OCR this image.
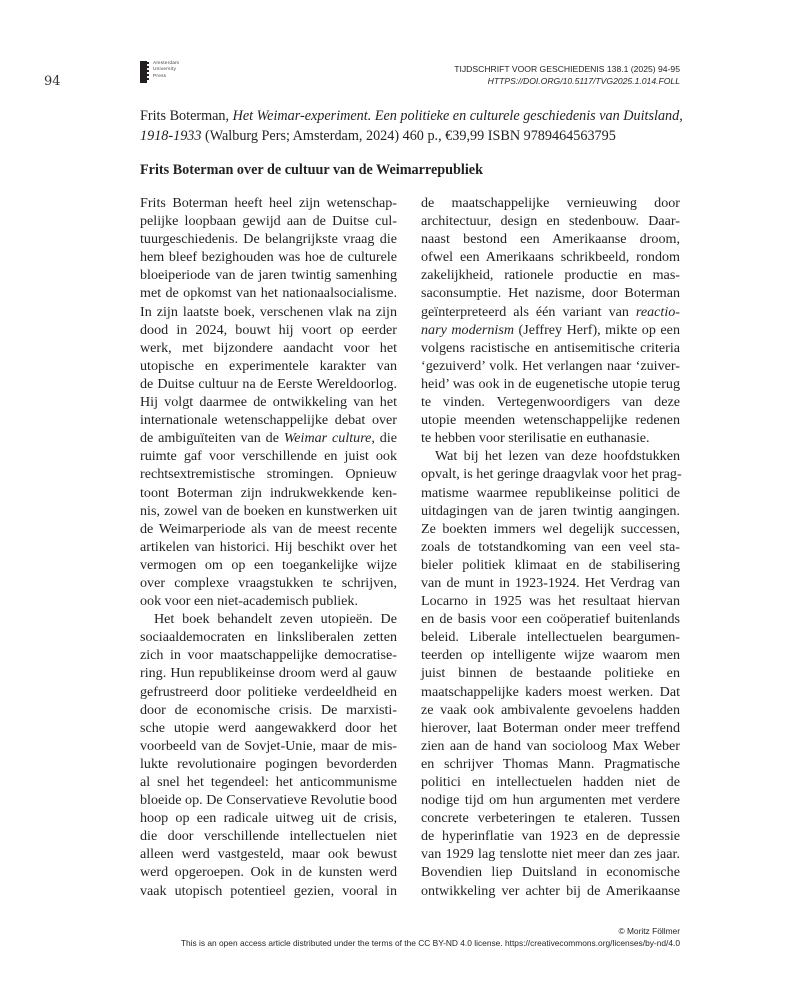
94
Amsterdam
University
Press
TIJDSCHRIFT VOOR GESCHIEDENIS 138.1 (2025) 94-95
HTTPS://DOI.ORG/10.5117/TVG2025.1.014.FOLL
Frits Boterman, Het Weimar-experiment. Een politieke en culturele geschiedenis van Duitsland, 1918-1933 (Walburg Pers; Amsterdam, 2024) 460 p., €39,99 ISBN 9789464563795
Frits Boterman over de cultuur van de Weimarrepubliek
Frits Boterman heeft heel zijn wetenschap-
pelijke loopbaan gewijd aan de Duitse cul-
tuurgeschiedenis. De belangrijkste vraag die
hem bleef bezighouden was hoe de culturele
bloeiperiode van de jaren twintig samenhing
met de opkomst van het nationaalsocialisme.
In zijn laatste boek, verschenen vlak na zijn
dood in 2024, bouwt hij voort op eerder
werk, met bijzondere aandacht voor het
utopische en experimentele karakter van
de Duitse cultuur na de Eerste Wereldoorlog.
Hij volgt daarmee de ontwikkeling van het
internationale wetenschappelijke debat over
de ambiguïteiten van de Weimar culture, die
ruimte gaf voor verschillende en juist ook
rechtsextremistische stromingen. Opnieuw
toont Boterman zijn indrukwekkende ken-
nis, zowel van de boeken en kunstwerken uit
de Weimarperiode als van de meest recente
artikelen van historici. Hij beschikt over het
vermogen om op een toegankelijke wijze
over complexe vraagstukken te schrijven,
ook voor een niet-academisch publiek.
Het boek behandelt zeven utopieën. De
sociaaldemocraten en linksliberalen zetten
zich in voor maatschappelijke democratise-
ring. Hun republikeinse droom werd al gauw
gefrustreerd door politieke verdeeldheid en
door de economische crisis. De marxisti-
sche utopie werd aangewakkerd door het
voorbeeld van de Sovjet-Unie, maar de mis-
lukte revolutionaire pogingen bevorderden
al snel het tegendeel: het anticommunisme
bloeide op. De Conservatieve Revolutie bood
hoop op een radicale uitweg uit de crisis,
die door verschillende intellectuelen niet
alleen werd vastgesteld, maar ook bewust
werd opgeroepen. Ook in de kunsten werd
vaak utopisch potentieel gezien, vooral in
de maatschappelijke vernieuwing door
architectuur, design en stedenbouw. Daar-
naast bestond een Amerikaanse droom,
ofwel een Amerikaans schrikbeeld, rondom
zakelijkheid, rationele productie en mas-
saconsumptie. Het nazisme, door Boterman
geïnterpreteerd als één variant van reactio-
nary modernism (Jeffrey Herf), mikte op een
volgens racistische en antisemitische criteria
‘gezuiverd’ volk. Het verlangen naar ‘zuiver-
heid’ was ook in de eugenetische utopie terug
te vinden. Vertegenwoordigers van deze
utopie meenden wetenschappelijke redenen
te hebben voor sterilisatie en euthanasie.
Wat bij het lezen van deze hoofdstukken
opvalt, is het geringe draagvlak voor het prag-
matisme waarmee republikeinse politici de
uitdagingen van de jaren twintig aangingen.
Ze boekten immers wel degelijk successen,
zoals de totstandkoming van een veel sta-
bieler politiek klimaat en de stabilisering
van de munt in 1923-1924. Het Verdrag van
Locarno in 1925 was het resultaat hiervan
en de basis voor een coöperatief buitenlands
beleid. Liberale intellectuelen beargumen-
teerden op intelligente wijze waarom men
juist binnen de bestaande politieke en
maatschappelijke kaders moest werken. Dat
ze vaak ook ambivalente gevoelens hadden
hierover, laat Boterman onder meer treffend
zien aan de hand van socioloog Max Weber
en schrijver Thomas Mann. Pragmatische
politici en intellectuelen hadden niet de
nodige tijd om hun argumenten met verdere
concrete verbeteringen te etaleren. Tussen
de hyperinflatie van 1923 en de depressie
van 1929 lag tenslotte niet meer dan zes jaar.
Bovendien liep Duitsland in economische
ontwikkeling ver achter bij de Amerikaanse
© Moritz Föllmer
This is an open access article distributed under the terms of the CC BY-ND 4.0 license. https://creativecommons.org/licenses/by-nd/4.0
